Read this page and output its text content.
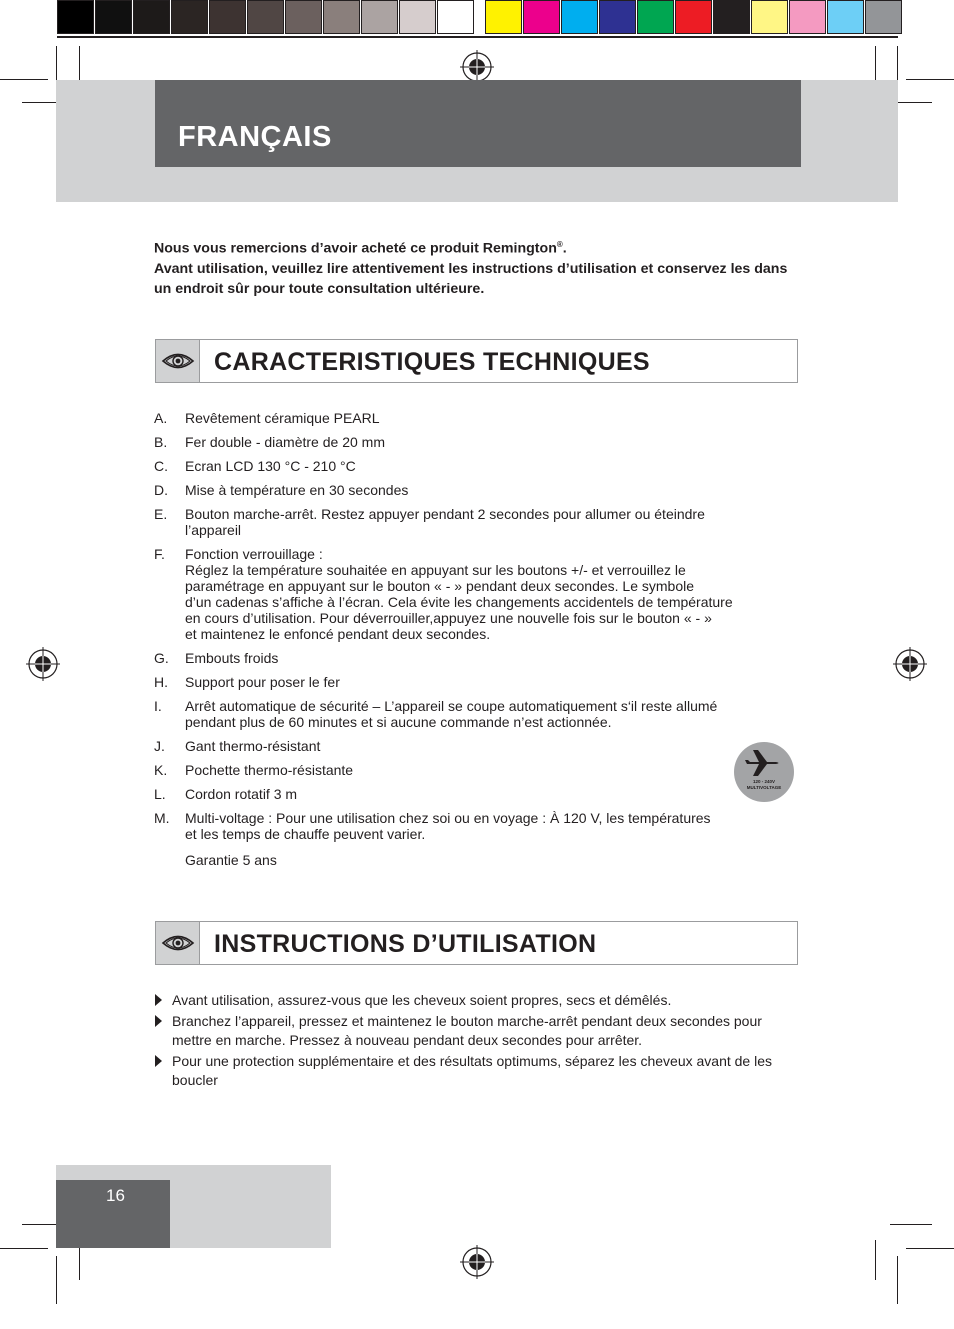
FRANÇAIS

Nous vous remercions d’avoir acheté ce produit Remington®.

Avant utilisation, veuillez lire attentivement les instructions d’utilisation et conservez les dans un endroit sûr pour toute consultation ultérieure.

CARACTERISTIQUES TECHNIQUES
A. Revêtement céramique PEARL
B. Fer double - diamètre de 20 mm
C. Ecran LCD 130 °C - 210 °C
D. Mise à température en 30 secondes
E. Bouton marche-arrêt. Restez appuyer pendant 2 secondes pour allumer ou éteindre
l’appareil
F. Fonction verrouillage :
Réglez la température souhaitée en appuyant sur les boutons +/- et verrouillez le
paramétrage en appuyant sur le bouton « - » pendant deux secondes. Le symbole
d’un cadenas s’affiche à l’écran. Cela évite les changements accidentels de température
en cours d’utilisation. Pour déverrouiller,appuyez une nouvelle fois sur le bouton « - »
et maintenez le enfoncé pendant deux secondes.
G. Embouts froids
H. Support pour poser le fer
I. Arrêt automatique de sécurité – L’appareil se coupe automatiquement s‘il reste allumé
pendant plus de 60 minutes et si aucune commande n’est actionnée.
J. Gant thermo-résistant
K. Pochette thermo-résistante
L. Cordon rotatif 3 m
M. Multi-voltage : Pour une utilisation chez soi ou en voyage : À 120 V, les températures
et les temps de chauffe peuvent varier.
Garantie 5 ans
120 - 240V
MULTIVOLTAGE
INSTRUCTIONS D’UTILISATION
Avant utilisation, assurez-vous que les cheveux soient propres, secs et démêlés.
Branchez l’appareil, pressez et maintenez le bouton marche-arrêt pendant deux secondes pour mettre en marche. Pressez à nouveau pendant deux secondes pour arrêter.
Pour une protection supplémentaire et des résultats optimums, séparez les cheveux avant de les boucler
16
